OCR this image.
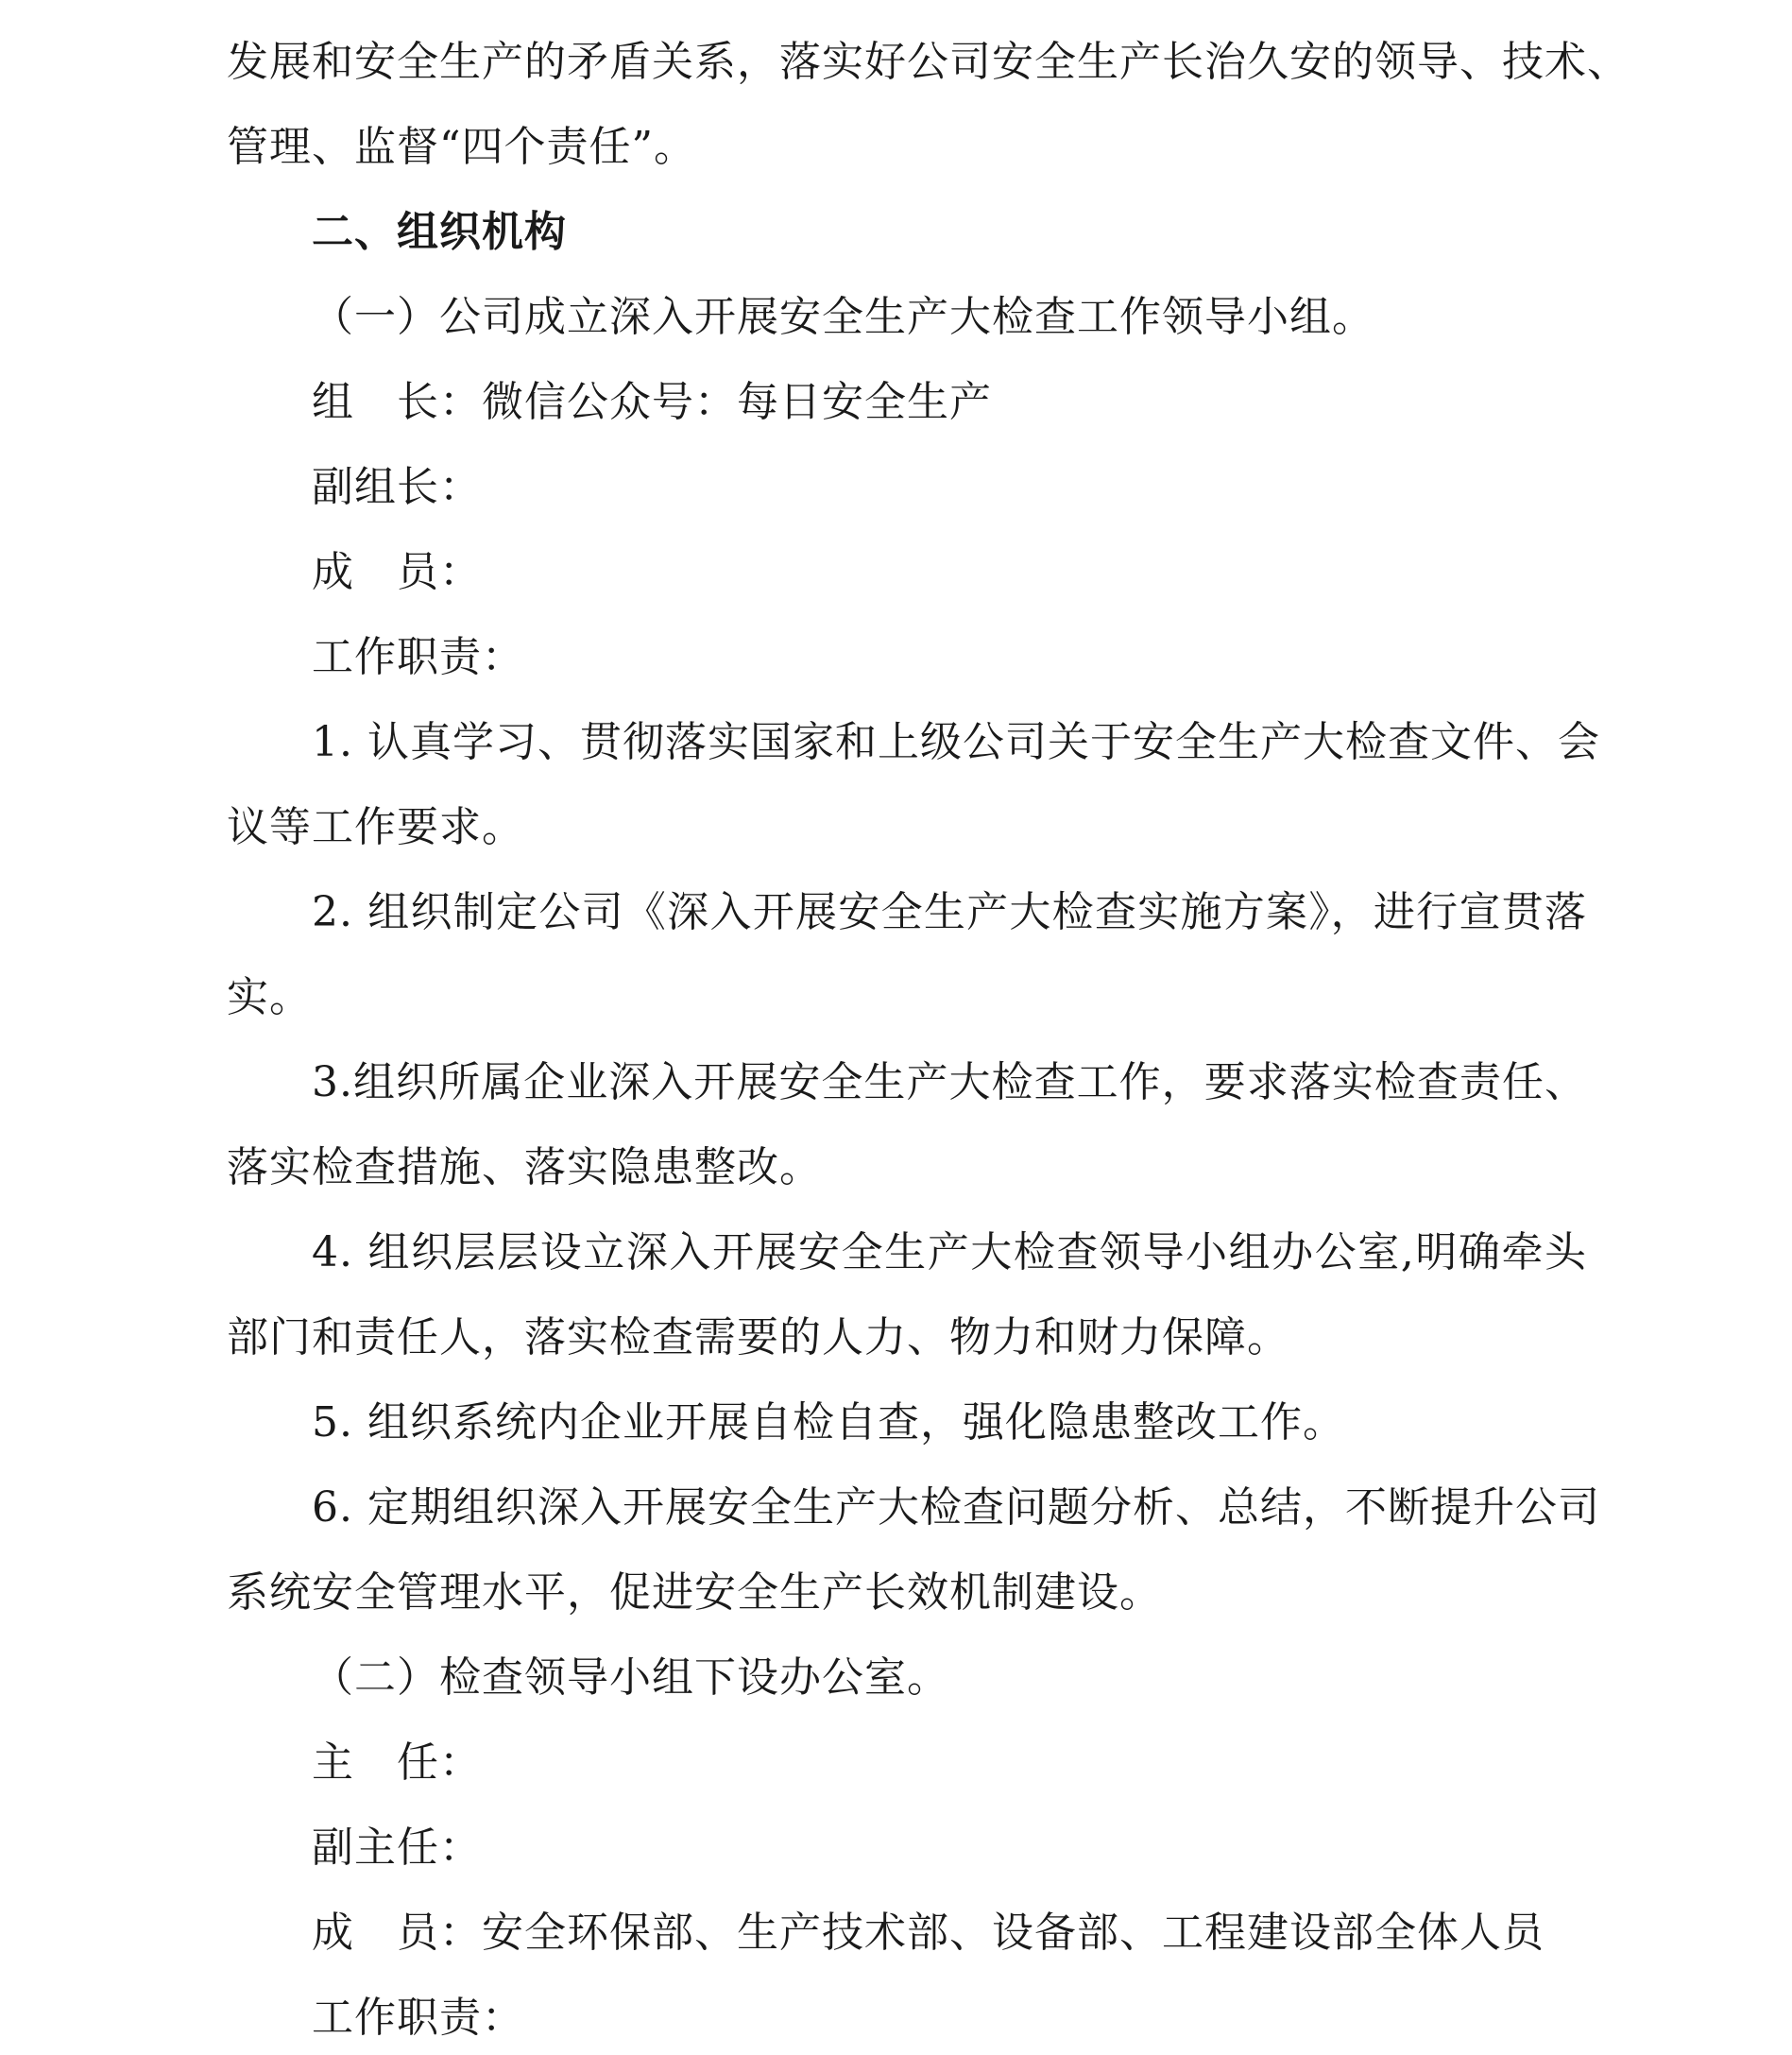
发展和安全生产的矛盾关系，落实好公司安全生产长治久安的领导、技术、
管理、监督“四个责任”。
二、组织机构
（一）公司成立深入开展安全生产大检查工作领导小组。
组　长：微信公众号：每日安全生产
副组长：
成　员：
工作职责：
1. 认真学习、贯彻落实国家和上级公司关于安全生产大检查文件、会
议等工作要求。
2. 组织制定公司《深入开展安全生产大检查实施方案》，进行宣贯落
实。
3.组织所属企业深入开展安全生产大检查工作，要求落实检查责任、
落实检查措施、落实隐患整改。
4. 组织层层设立深入开展安全生产大检查领导小组办公室,明确牵头
部门和责任人，落实检查需要的人力、物力和财力保障。
5. 组织系统内企业开展自检自查，强化隐患整改工作。
6. 定期组织深入开展安全生产大检查问题分析、总结，不断提升公司
系统安全管理水平，促进安全生产长效机制建设。
（二）检查领导小组下设办公室。
主　任：
副主任：
成　员：安全环保部、生产技术部、设备部、工程建设部全体人员
工作职责：
